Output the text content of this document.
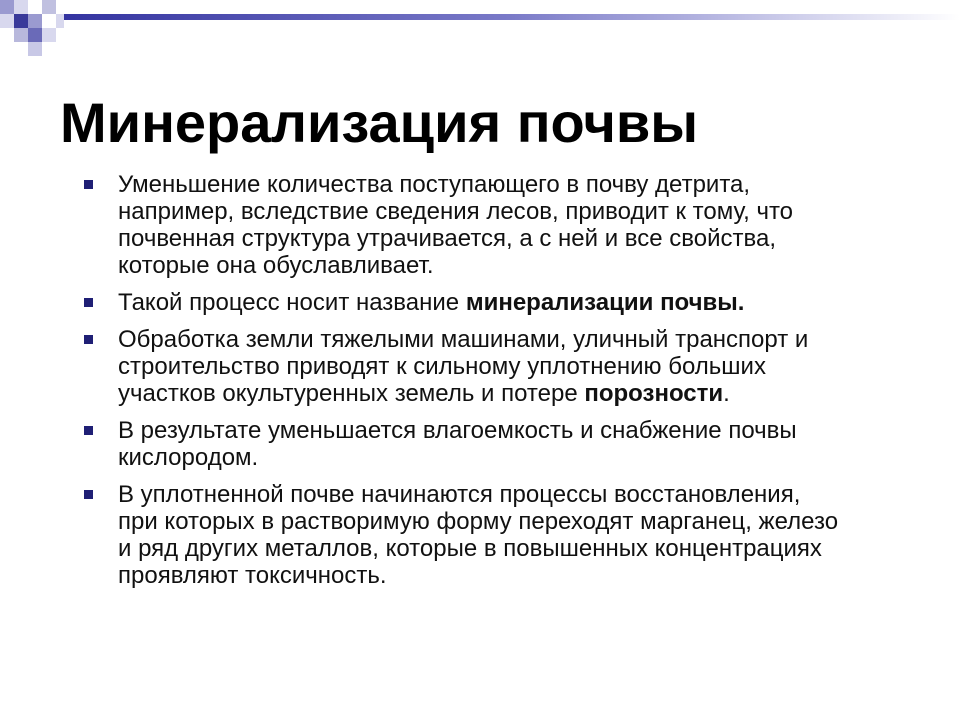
Минерализация почвы
Уменьшение количества поступающего в почву детрита,
например, вследствие сведения лесов, приводит к тому, что
почвенная структура утрачивается, а с ней и все свойства,
которые она обуславливает.
Такой процесс носит название минерализации почвы.
Обработка земли тяжелыми машинами, уличный транспорт и
строительство приводят к сильному уплотнению больших
участков окультуренных земель и потере порозности.
В результате уменьшается влагоемкость и снабжение почвы
кислородом.
В уплотненной почве начинаются процессы восстановления,
при которых в растворимую форму переходят марганец, железо
и ряд других металлов, которые в повышенных концентрациях
проявляют токсичность.
